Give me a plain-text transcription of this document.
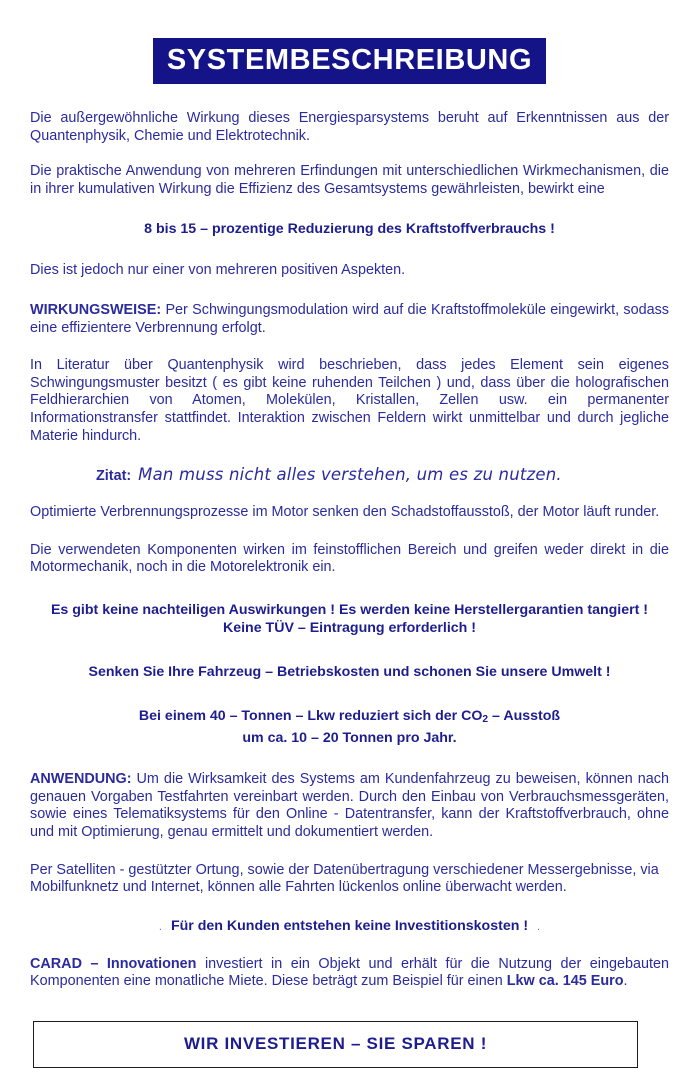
SYSTEMBESCHREIBUNG

Die außergewöhnliche Wirkung dieses Energiesparsystems beruht auf Erkenntnissen aus der Quantenphysik, Chemie und Elektrotechnik.

Die praktische Anwendung von mehreren Erfindungen mit unterschiedlichen Wirkmechanismen, die in ihrer kumulativen Wirkung die Effizienz des Gesamtsystems gewährleisten, bewirkt eine

8 bis 15 – prozentige Reduzierung des Kraftstoffverbrauchs !

Dies ist jedoch nur einer von mehreren positiven Aspekten.

WIRKUNGSWEISE: Per Schwingungsmodulation wird auf die Kraftstoffmoleküle eingewirkt, sodass eine effizientere Verbrennung erfolgt.

In Literatur über Quantenphysik wird beschrieben, dass jedes Element sein eigenes Schwingungsmuster besitzt ( es gibt keine ruhenden Teilchen ) und, dass über die holografischen Feldhierarchien von Atomen, Molekülen, Kristallen, Zellen usw. ein permanenter Informationstransfer stattfindet. Interaktion zwischen Feldern wirkt unmittelbar und durch jegliche Materie hindurch.

Zitat: Man muss nicht alles verstehen, um es zu nutzen.

Optimierte Verbrennungsprozesse im Motor senken den Schadstoffausstoß, der Motor läuft runder.

Die verwendeten Komponenten wirken im feinstofflichen Bereich und greifen weder direkt in die Motormechanik, noch in die Motorelektronik ein.

Es gibt keine nachteiligen Auswirkungen ! Es werden keine Herstellergarantien tangiert !

Keine TÜV – Eintragung erforderlich !

Senken Sie Ihre Fahrzeug – Betriebskosten und schonen Sie unsere Umwelt !

Bei einem 40 – Tonnen – Lkw reduziert sich der $CO_2$ – Ausstoß

um ca. 10 – 20 Tonnen pro Jahr.

ANWENDUNG: Um die Wirksamkeit des Systems am Kundenfahrzeug zu beweisen, können nach genauen Vorgaben Testfahrten vereinbart werden. Durch den Einbau von Verbrauchsmessgeräten, sowie eines Telematiksystems für den Online - Datentransfer, kann der Kraftstoffverbrauch, ohne und mit Optimierung, genau ermittelt und dokumentiert werden.

Per Satelliten - gestützter Ortung, sowie der Datenübertragung verschiedener Messergebnisse, via Mobilfunknetz und Internet, können alle Fahrten lückenlos online überwacht werden.

. Für den Kunden entstehen keine Investitionskosten ! .

CARAD – Innovationen investiert in ein Objekt und erhält für die Nutzung der eingebauten Komponenten eine monatliche Miete. Diese beträgt zum Beispiel für einen Lkw ca. 145 Euro.

WIR INVESTIEREN – SIE SPAREN !
